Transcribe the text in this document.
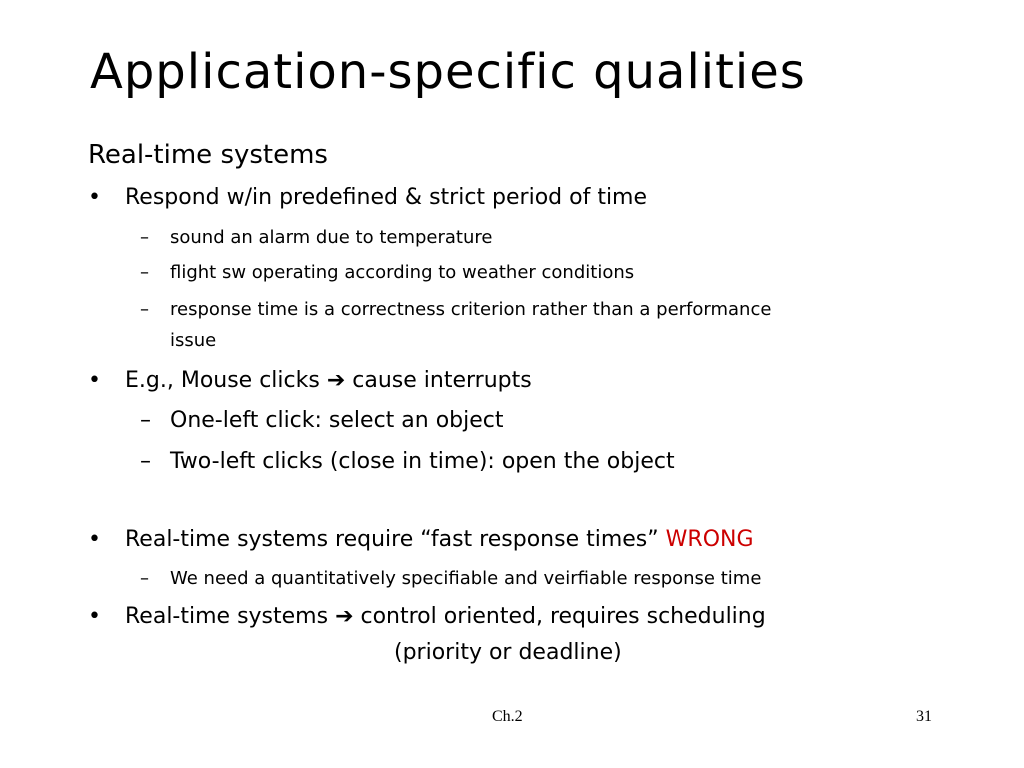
Application-specific qualities
Real-time systems
• Respond w/in predefined & strict period of time
– sound an alarm due to temperature
– flight sw operating according to weather conditions
– response time is a correctness criterion rather than a performance
issue
• E.g., Mouse clicks ➔ cause interrupts
– One-left click: select an object
– Two-left clicks (close in time): open the object
• Real-time systems require “fast response times” WRONG
– We need a quantitatively specifiable and veirfiable response time
• Real-time systems ➔ control oriented, requires scheduling
(priority or deadline)
Ch.2	31
